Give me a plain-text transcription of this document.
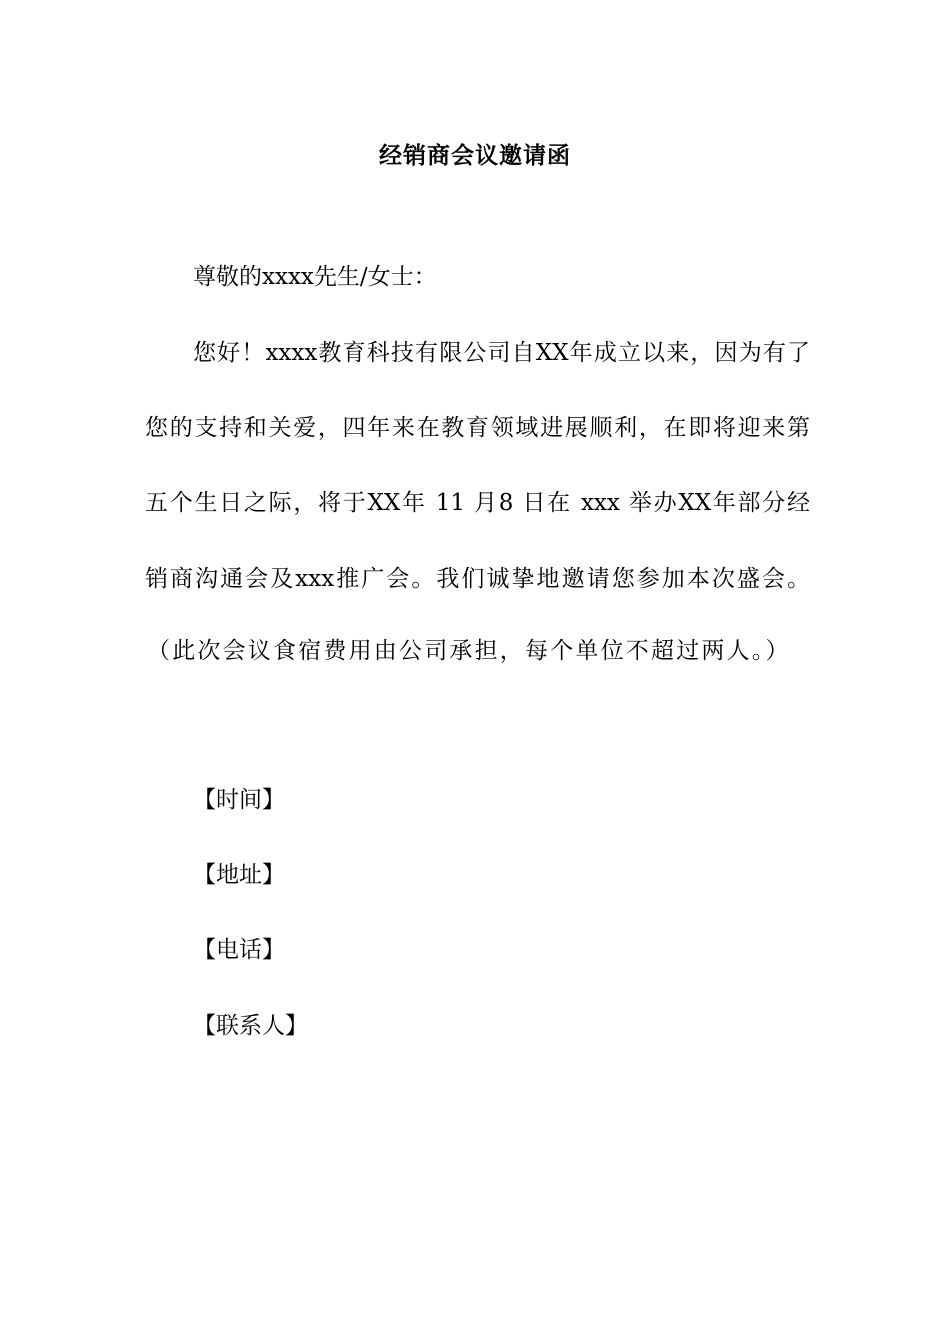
经销商会议邀请函
尊敬的xxxx先生/女士：
您好！xxxx教育科技有限公司自XX年成立以来，因为有了
您的支持和关爱，四年来在教育领域进展顺利，在即将迎来第
五个生日之际，将于XX年 11 月8 日在 xxx 举办XX年部分经
销商沟通会及xxx推广会。我们诚挚地邀请您参加本次盛会。
（此次会议食宿费用由公司承担，每个单位不超过两人。）
【时间】
【地址】
【电话】
【联系人】
